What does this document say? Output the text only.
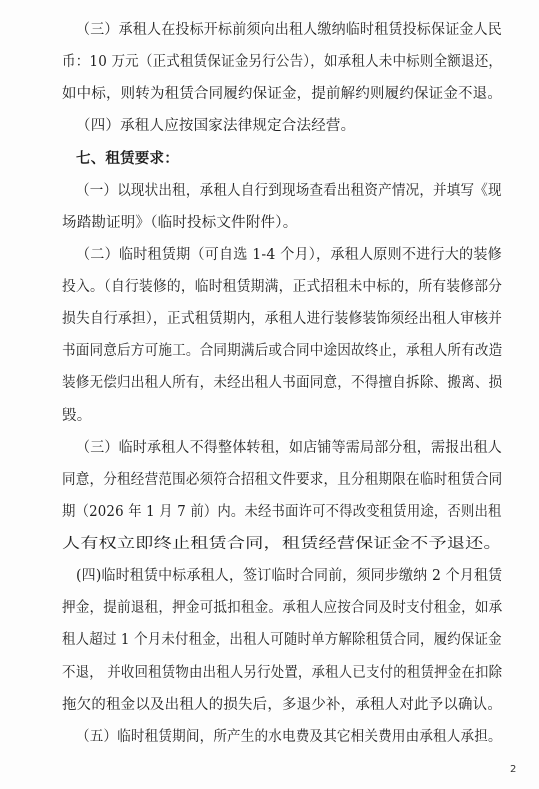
（三）承租人在投标开标前须向出租人缴纳临时租赁投标保证金人民
币：10 万元（正式租赁保证金另行公告），如承租人未中标则全额退还，
如中标，则转为租赁合同履约保证金，提前解约则履约保证金不退。
（四）承租人应按国家法律规定合法经营。
七、租赁要求：
（一）以现状出租，承租人自行到现场查看出租资产情况，并填写《现
场踏勘证明》（临时投标文件附件）。
（二）临时租赁期（可自选 1-4 个月），承租人原则不进行大的装修
投入。（自行装修的，临时租赁期满，正式招租未中标的，所有装修部分
损失自行承担），正式租赁期内，承租人进行装修装饰须经出租人审核并
书面同意后方可施工。合同期满后或合同中途因故终止，承租人所有改造
装修无偿归出租人所有，未经出租人书面同意，不得擅自拆除、搬离、损
毁。
（三）临时承租人不得整体转租，如店铺等需局部分租，需报出租人
同意，分租经营范围必须符合招租文件要求，且分租期限在临时租赁合同
期（2026 年 1 月 7 前）内。未经书面许可不得改变租赁用途，否则出租
人有权立即终止租赁合同，租赁经营保证金不予退还。
(四)临时租赁中标承租人，签订临时合同前，须同步缴纳 2 个月租赁
押金，提前退租，押金可抵扣租金。承租人应按合同及时支付租金，如承
租人超过 1 个月未付租金，出租人可随时单方解除租赁合同，履约保证金
不退， 并收回租赁物由出租人另行处置，承租人已支付的租赁押金在扣除
拖欠的租金以及出租人的损失后，多退少补，承租人对此予以确认。
（五）临时租赁期间，所产生的水电费及其它相关费用由承租人承担。
2
